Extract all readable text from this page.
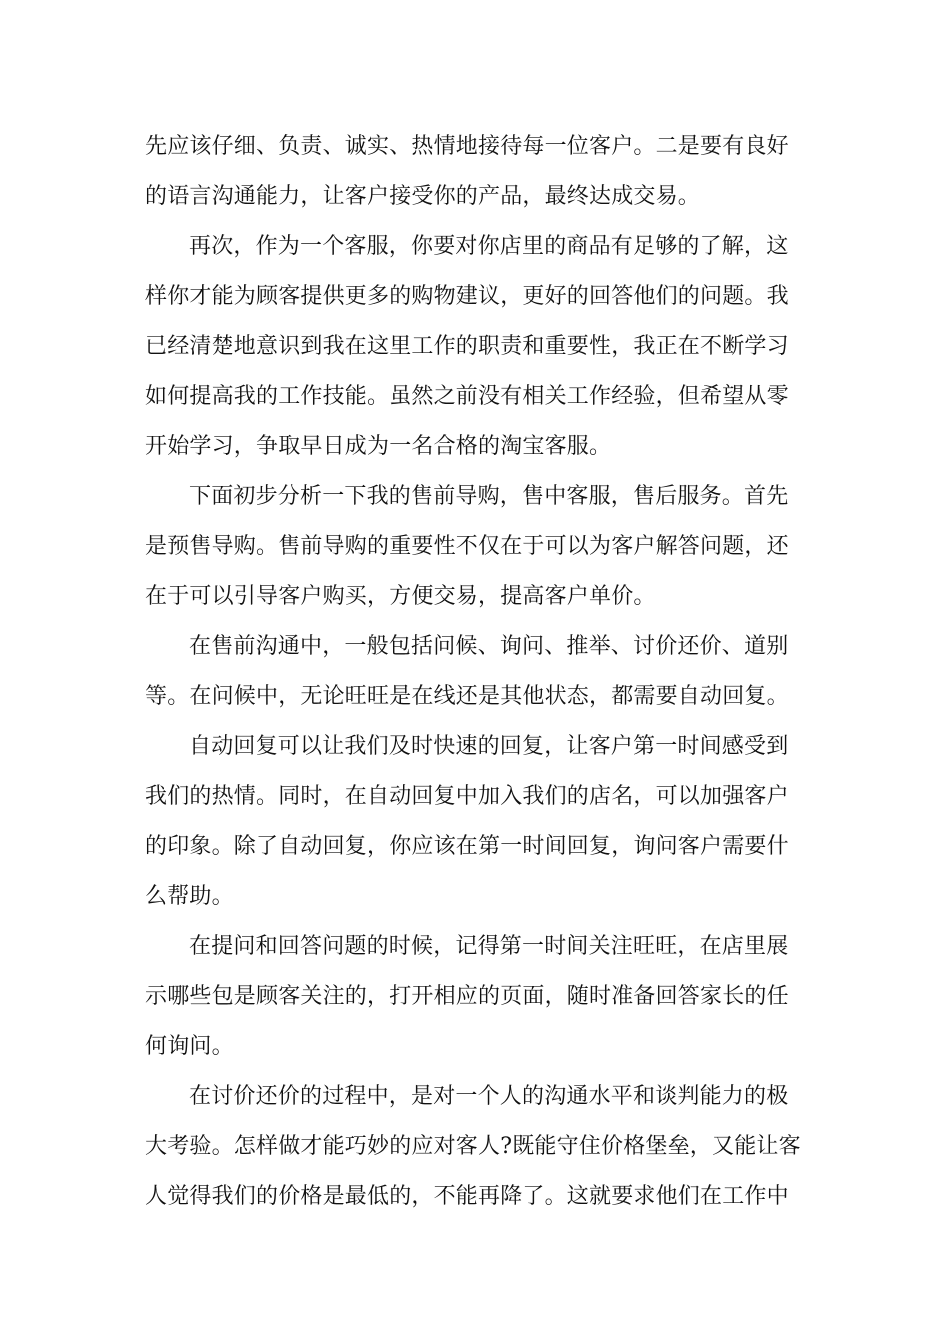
先应该仔细、负责、诚实、热情地接待每一位客户。二是要有良好
的语言沟通能力，让客户接受你的产品，最终达成交易。
再次，作为一个客服，你要对你店里的商品有足够的了解，这
样你才能为顾客提供更多的购物建议，更好的回答他们的问题。我
已经清楚地意识到我在这里工作的职责和重要性，我正在不断学习
如何提高我的工作技能。虽然之前没有相关工作经验，但希望从零
开始学习，争取早日成为一名合格的淘宝客服。
下面初步分析一下我的售前导购，售中客服，售后服务。首先
是预售导购。售前导购的重要性不仅在于可以为客户解答问题，还
在于可以引导客户购买，方便交易，提高客户单价。
在售前沟通中，一般包括问候、询问、推举、讨价还价、道别
等。在问候中，无论旺旺是在线还是其他状态，都需要自动回复。
自动回复可以让我们及时快速的回复，让客户第一时间感受到
我们的热情。同时，在自动回复中加入我们的店名，可以加强客户
的印象。除了自动回复，你应该在第一时间回复，询问客户需要什
么帮助。
在提问和回答问题的时候，记得第一时间关注旺旺，在店里展
示哪些包是顾客关注的，打开相应的页面，随时准备回答家长的任
何询问。
在讨价还价的过程中，是对一个人的沟通水平和谈判能力的极
大考验。怎样做才能巧妙的应对客人?既能守住价格堡垒，又能让客
人觉得我们的价格是最低的，不能再降了。这就要求他们在工作中
